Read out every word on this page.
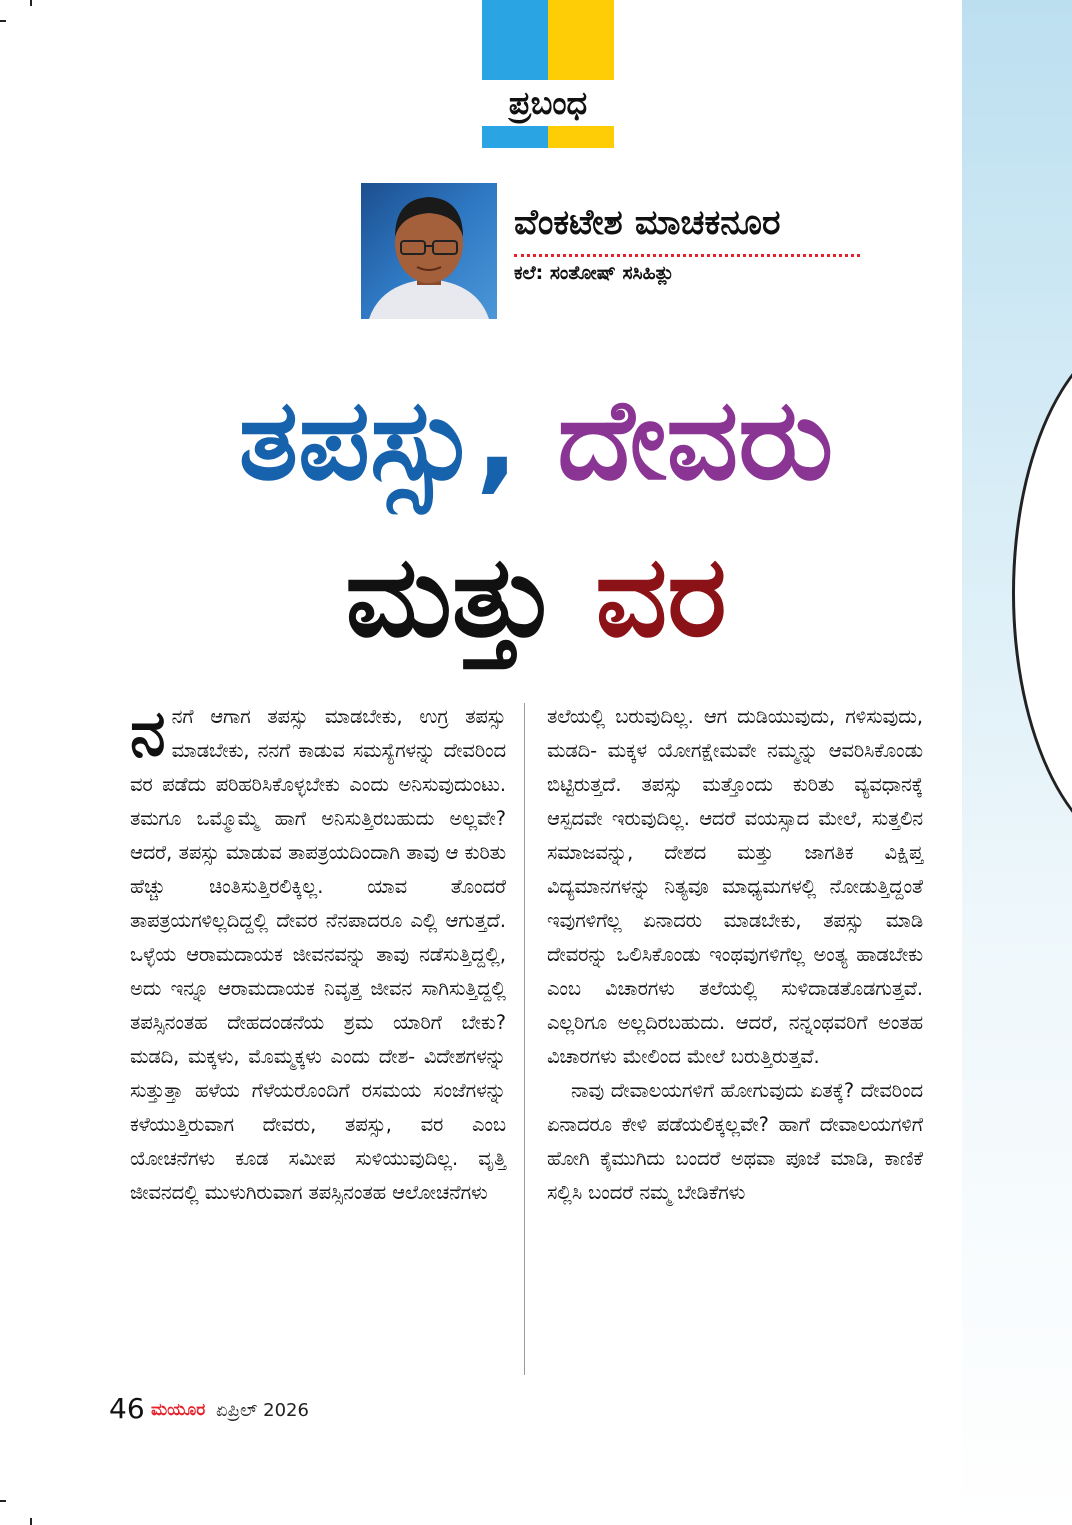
ಪ್ರಬಂಧ
ವೆಂಕಟೇಶ ಮಾಚಕನೂರ
ಕಲೆ: ಸಂತೋಷ್ ಸಸಿಹಿತ್ಲು
ತಪಸ್ಸು, ದೇವರು
ಮತ್ತು ವರ

ನನಗೆ ಆಗಾಗ ತಪಸ್ಸು ಮಾಡಬೇಕು, ಉಗ್ರ ತಪಸ್ಸು ಮಾಡಬೇಕು, ನನಗೆ ಕಾಡುವ ಸಮಸ್ಯೆಗಳನ್ನು ದೇವರಿಂದ ವರ ಪಡೆದು ಪರಿಹರಿಸಿಕೊಳ್ಳಬೇಕು ಎಂದು ಅನಿಸುವುದುಂಟು. ತಮಗೂ ಒಮ್ಮೊಮ್ಮೆ ಹಾಗೆ ಅನಿಸುತ್ತಿರಬಹುದು ಅಲ್ಲವೇ? ಆದರೆ, ತಪಸ್ಸು ಮಾಡುವ ತಾಪತ್ರಯದಿಂದಾಗಿ ತಾವು ಆ ಕುರಿತು ಹೆಚ್ಚು ಚಿಂತಿಸುತ್ತಿರಲಿಕ್ಕಿಲ್ಲ. ಯಾವ ತೊಂದರೆ ತಾಪತ್ರಯಗಳಿಲ್ಲದಿದ್ದಲ್ಲಿ ದೇವರ ನೆನಪಾದರೂ ಎಲ್ಲಿ ಆಗುತ್ತದೆ. ಒಳ್ಳೆಯ ಆರಾಮದಾಯಕ ಜೀವನವನ್ನು ತಾವು ನಡೆಸುತ್ತಿದ್ದಲ್ಲಿ, ಅದು ಇನ್ನೂ ಆರಾಮದಾಯಕ ನಿವೃತ್ತ ಜೀವನ ಸಾಗಿಸುತ್ತಿದ್ದಲ್ಲಿ ತಪಸ್ಸಿನಂತಹ ದೇಹದಂಡನೆಯ ಶ್ರಮ ಯಾರಿಗೆ ಬೇಕು? ಮಡದಿ, ಮಕ್ಕಳು, ಮೊಮ್ಮಕ್ಕಳು ಎಂದು ದೇಶ- ವಿದೇಶಗಳನ್ನು ಸುತ್ತುತ್ತಾ ಹಳೆಯ ಗೆಳೆಯರೊಂದಿಗೆ ರಸಮಯ ಸಂಜೆಗಳನ್ನು ಕಳೆಯುತ್ತಿರುವಾಗ ದೇವರು, ತಪಸ್ಸು, ವರ ಎಂಬ ಯೋಚನೆಗಳು ಕೂಡ ಸಮೀಪ ಸುಳಿಯುವುದಿಲ್ಲ. ವೃತ್ತಿ ಜೀವನದಲ್ಲಿ ಮುಳುಗಿರುವಾಗ ತಪಸ್ಸಿನಂತಹ ಆಲೋಚನೆಗಳು

ತಲೆಯಲ್ಲಿ ಬರುವುದಿಲ್ಲ. ಆಗ ದುಡಿಯುವುದು, ಗಳಿಸುವುದು, ಮಡದಿ- ಮಕ್ಕಳ ಯೋಗಕ್ಷೇಮವೇ ನಮ್ಮನ್ನು ಆವರಿಸಿಕೊಂಡು ಬಿಟ್ಟಿರುತ್ತದೆ. ತಪಸ್ಸು ಮತ್ತೊಂದು ಕುರಿತು ವ್ಯವಧಾನಕ್ಕೆ ಆಸ್ಪದವೇ ಇರುವುದಿಲ್ಲ. ಆದರೆ ವಯಸ್ಸಾದ ಮೇಲೆ, ಸುತ್ತಲಿನ ಸಮಾಜವನ್ನು, ದೇಶದ ಮತ್ತು ಜಾಗತಿಕ ವಿಕ್ಷಿಪ್ತ ವಿದ್ಯಮಾನಗಳನ್ನು ನಿತ್ಯವೂ ಮಾಧ್ಯಮಗಳಲ್ಲಿ ನೋಡುತ್ತಿದ್ದಂತೆ ಇವುಗಳಿಗೆಲ್ಲ ಏನಾದರು ಮಾಡಬೇಕು, ತಪಸ್ಸು ಮಾಡಿ ದೇವರನ್ನು ಒಲಿಸಿಕೊಂಡು ಇಂಥವುಗಳಿಗೆಲ್ಲ ಅಂತ್ಯ ಹಾಡಬೇಕು ಎಂಬ ವಿಚಾರಗಳು ತಲೆಯಲ್ಲಿ ಸುಳಿದಾಡತೊಡಗುತ್ತವೆ. ಎಲ್ಲರಿಗೂ ಅಲ್ಲದಿರಬಹುದು. ಆದರೆ, ನನ್ನಂಥವರಿಗೆ ಅಂತಹ ವಿಚಾರಗಳು ಮೇಲಿಂದ ಮೇಲೆ ಬರುತ್ತಿರುತ್ತವೆ.

ನಾವು ದೇವಾಲಯಗಳಿಗೆ ಹೋಗುವುದು ಏತಕ್ಕೆ? ದೇವರಿಂದ ಏನಾದರೂ ಕೇಳಿ ಪಡೆಯಲಿಕ್ಕಲ್ಲವೇ? ಹಾಗೆ ದೇವಾಲಯಗಳಿಗೆ ಹೋಗಿ ಕೈಮುಗಿದು ಬಂದರೆ ಅಥವಾ ಪೂಜೆ ಮಾಡಿ, ಕಾಣಿಕೆ ಸಲ್ಲಿಸಿ ಬಂದರೆ ನಮ್ಮ ಬೇಡಿಕೆಗಳು

46 ಮಯೂರ ಏಪ್ರಿಲ್ 2026
